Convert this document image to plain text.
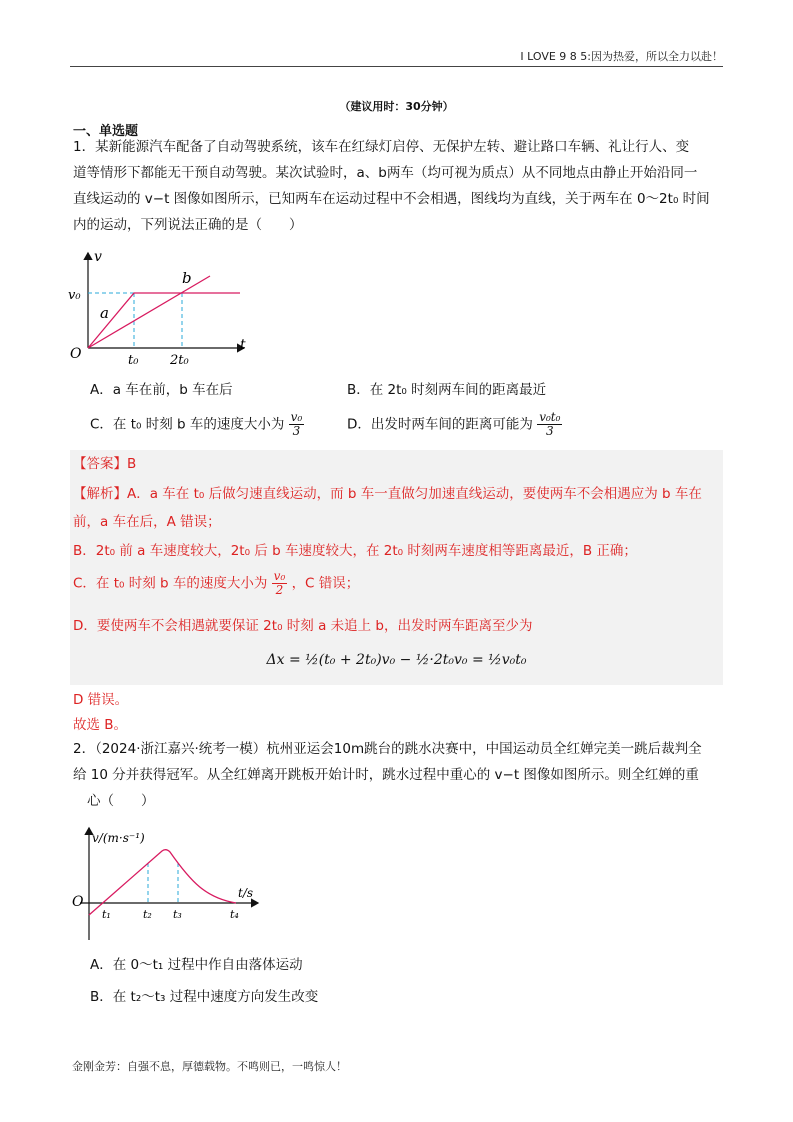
I LOVE 9 8 5:因为热爱，所以全力以赴！
（建议用时：30分钟）
一、单选题
1．某新能源汽车配备了自动驾驶系统，该车在红绿灯启停、无保护左转、避让路口车辆、礼让行人、变
道等情形下都能无干预自动驾驶。某次试验时，a、b两车（均可视为质点）从不同地点由静止开始沿同一
直线运动的 v−t 图像如图所示，已知两车在运动过程中不会相遇，图线均为直线，关于两车在 0～2t₀ 时间
内的运动，下列说法正确的是（　　）
v
t
O
v₀
t₀ 2t₀
a
b
A．a 车在前，b 车在后	B．在 2t₀ 时刻两车间的距离最近
C．在 t₀ 时刻 b 车的速度大小为 $\frac{\text{v₀}}{3}$	D．出发时两车间的距离可能为 $\frac{\text{v₀t₀}}{3}$
【答案】B
【解析】A．a 车在 t₀ 后做匀速直线运动，而 b 车一直做匀加速直线运动，要使两车不会相遇应为 b 车在
前，a 车在后，A 错误；
B．2t₀ 前 a 车速度较大，2t₀ 后 b 车速度较大，在 2t₀ 时刻两车速度相等距离最近，B 正确；
C．在 t₀ 时刻 b 车的速度大小为 $\frac{\text{v₀}}{2}$ ，C 错误；
D．要使两车不会相遇就要保证 2t₀ 时刻 a 未追上 b，出发时两车距离至少为
Δx = ½(t₀ + 2t₀)v₀ − ½·2t₀v₀ = ½v₀t₀
D 错误。
故选 B。
2．（2024·浙江嘉兴·统考一模）杭州亚运会10m跳台的跳水决赛中，中国运动员全红婵完美一跳后裁判全
给 10 分并获得冠军。从全红婵离开跳板开始计时，跳水过程中重心的 v−t 图像如图所示。则全红婵的重
心（　　）
v/(m·s⁻¹)
t/s
O
t₁	t₂ t₃	t₄
A．在 0～t₁ 过程中作自由落体运动
B．在 t₂～t₃ 过程中速度方向发生改变
金刚金芳：自强不息，厚德载物。不鸣则已，一鸣惊人！
